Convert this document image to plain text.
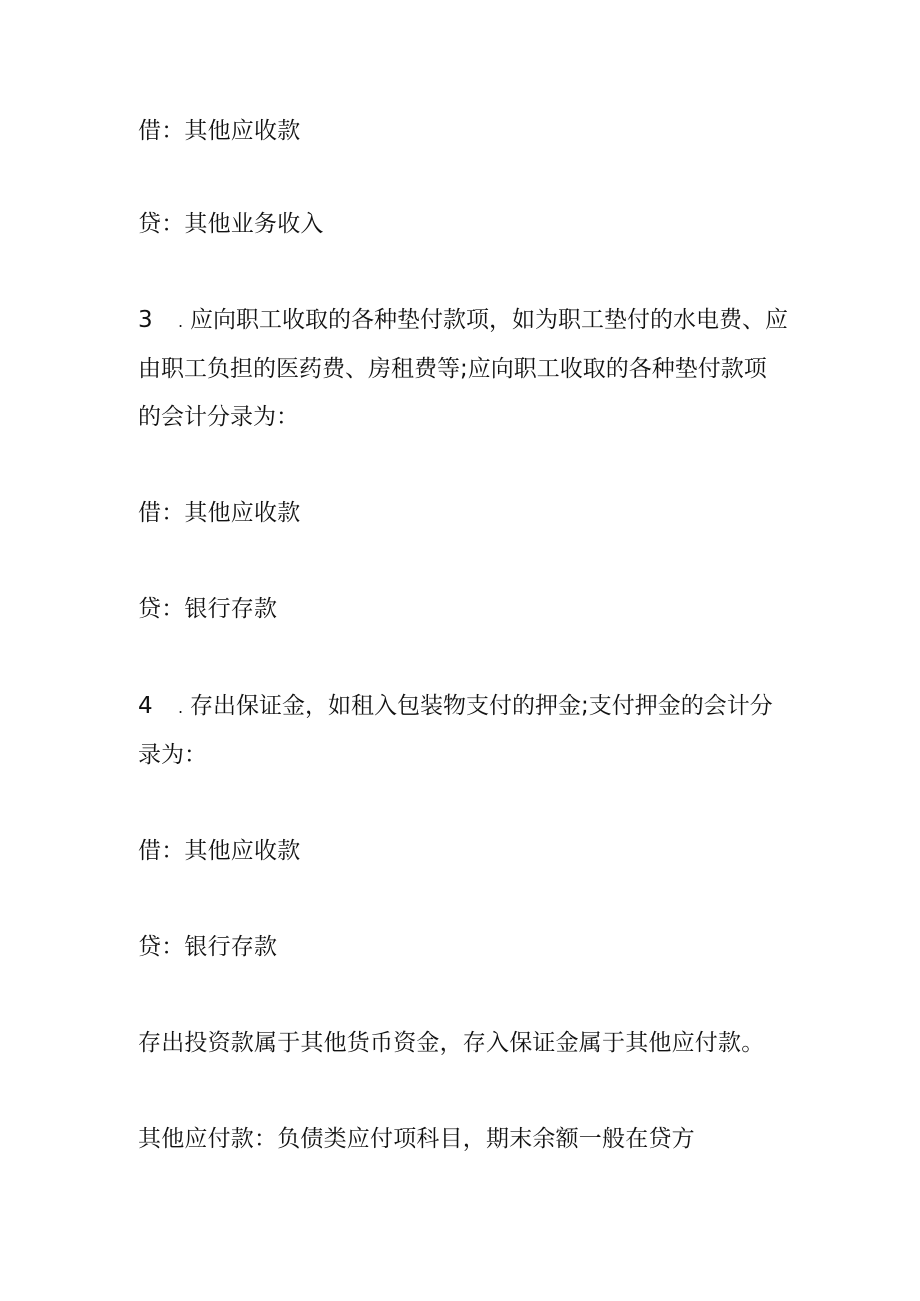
借：其他应收款
贷：其他业务收入
3 . 应向职工收取的各种垫付款项，如为职工垫付的水电费、应
由职工负担的医药费、房租费等;应向职工收取的各种垫付款项
的会计分录为：
借：其他应收款
贷：银行存款
4 . 存出保证金，如租入包装物支付的押金;支付押金的会计分
录为：
借：其他应收款
贷：银行存款
存出投资款属于其他货币资金，存入保证金属于其他应付款。
其他应付款：负债类应付项科目，期末余额一般在贷方
